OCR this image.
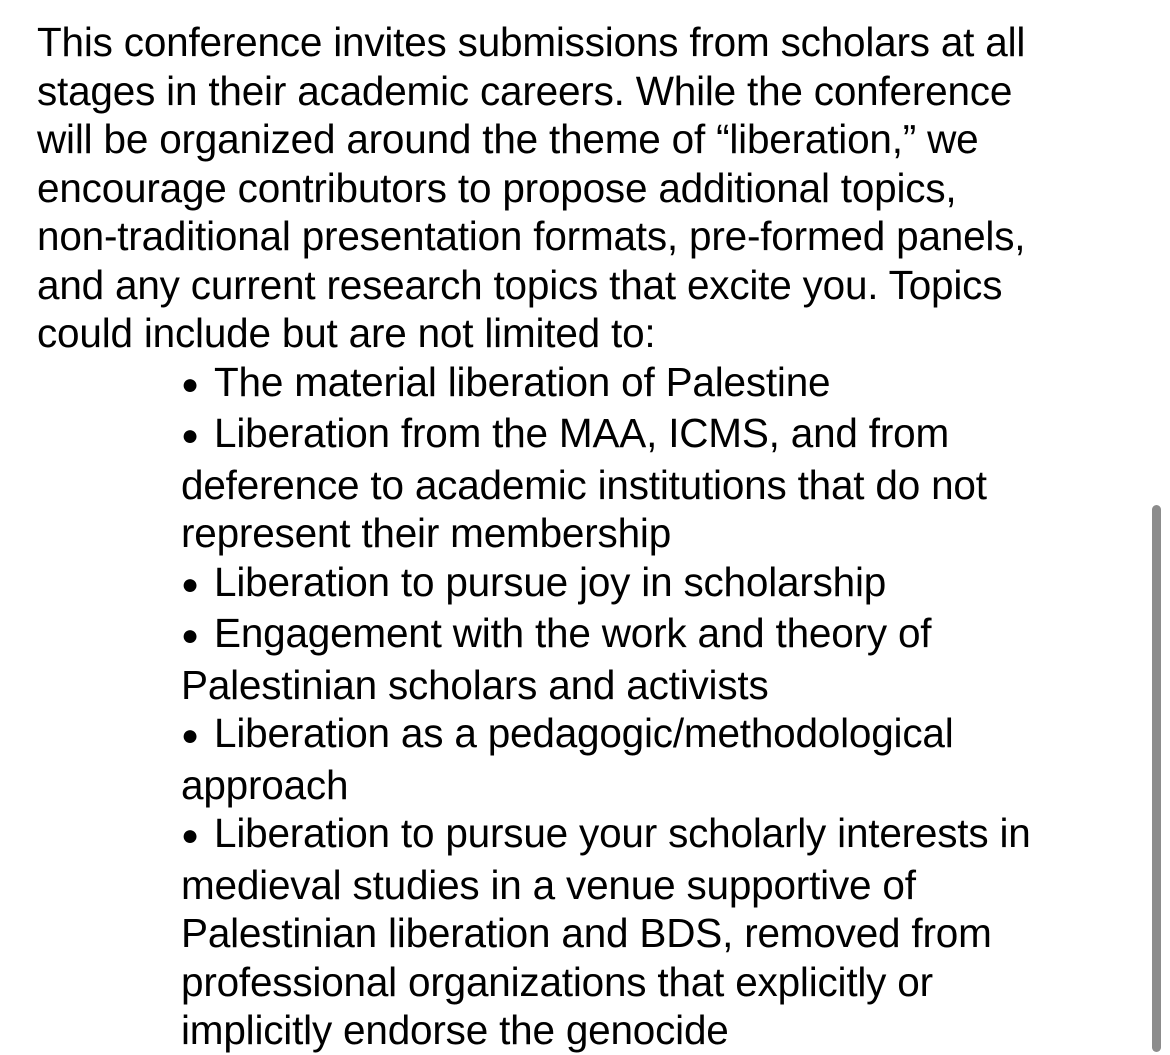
This conference invites submissions from scholars at all
stages in their academic careers. While the conference
will be organized around the theme of “liberation,” we
encourage contributors to propose additional topics,
non-traditional presentation formats, pre-formed panels,
and any current research topics that excite you. Topics
could include but are not limited to:

● The material liberation of Palestine
● Liberation from the MAA, ICMS, and from
deference to academic institutions that do not
represent their membership
● Liberation to pursue joy in scholarship
● Engagement with the work and theory of
Palestinian scholars and activists
● Liberation as a pedagogic/methodological
approach
● Liberation to pursue your scholarly interests in
medieval studies in a venue supportive of
Palestinian liberation and BDS, removed from
professional organizations that explicitly or
implicitly endorse the genocide
